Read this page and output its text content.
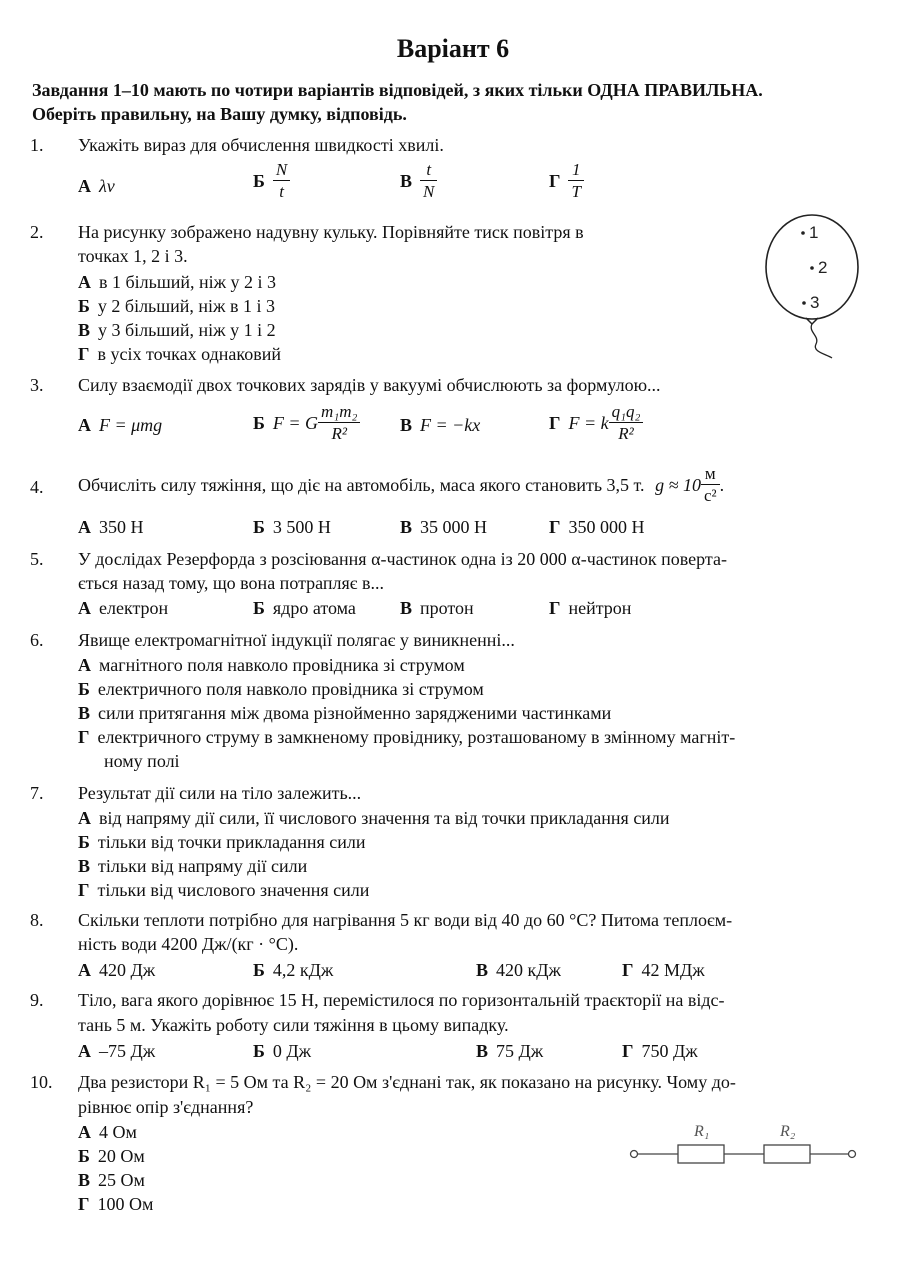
Варіант 6
Завдання 1–10 мають по чотири варіантів відповідей, з яких тільки ОДНА ПРАВИЛЬНА.
Оберіть правильну, на Вашу думку, відповідь.
1. Укажіть вираз для обчислення швидкості хвилі.
А λν	Б $\frac{N}{t}$	В $\frac{t}{N}$	Г $\frac{1}{T}$
2. На рисунку зображено надувну кульку. Порівняйте тиск повітря в
точках 1, 2 і 3.
А в 1 більший, ніж у 2 і 3
Б у 2 більший, ніж в 1 і 3
В у 3 більший, ніж у 1 і 2
Г в усіх точках однаковий
1
2
3
3. Силу взаємодії двох точкових зарядів у вакуумі обчислюють за формулою...
А F = μmg	Б F = G $\frac{\text{m₁m₂}}{\text{R²}}$ В F = −kx	Г F = k $\frac{\text{q₁q₂}}{\text{R²}}$
4. Обчисліть силу тяжіння, що діє на автомобіль, маса якого становить 3,5 т. $g \approx 10 \frac{м}{\text{с²}}$ .
А 350 Н	Б 3 500 Н	В 35 000 Н	Г 350 000 Н
5. У дослідах Резерфорда з розсіювання α-частинок одна із 20 000 α-частинок поверта-
ється назад тому, що вона потрапляє в...
А електрон	Б ядро атома В протон	Г нейтрон
6. Явище електромагнітної індукції полягає у виникненні...
А магнітного поля навколо провідника зі струмом
Б електричного поля навколо провідника зі струмом
В сили притягання між двома різнойменно зарядженими частинками
Г електричного струму в замкненому провіднику, розташованому в змінному магніт-
ному полі
7. Результат дії сили на тіло залежить...
А від напряму дії сили, її числового значення та від точки прикладання сили
Б тільки від точки прикладання сили
В тільки від напряму дії сили
Г тільки від числового значення сили
8. Скільки теплоти потрібно для нагрівання 5 кг води від 40 до 60 °С? Питома теплоєм-
ність води 4200 Дж/(кг · °С).
А 420 Дж	Б 4,2 кДж	В 420 кДж	Г 42 МДж
9. Тіло, вага якого дорівнює 15 Н, перемістилося по горизонтальній траєкторії на відс-
тань 5 м. Укажіть роботу сили тяжіння в цьому випадку.
А –75 Дж	Б 0 Дж	В 75 Дж	Г 750 Дж
10. Два резистори R₁ = 5 Ом та R₂ = 20 Ом з'єднані так, як показано на рисунку. Чому до-
рівнює опір з'єднання?
А 4 Ом
Б 20 Ом
В 25 Ом
Г 100 Ом
R₁	R₂
